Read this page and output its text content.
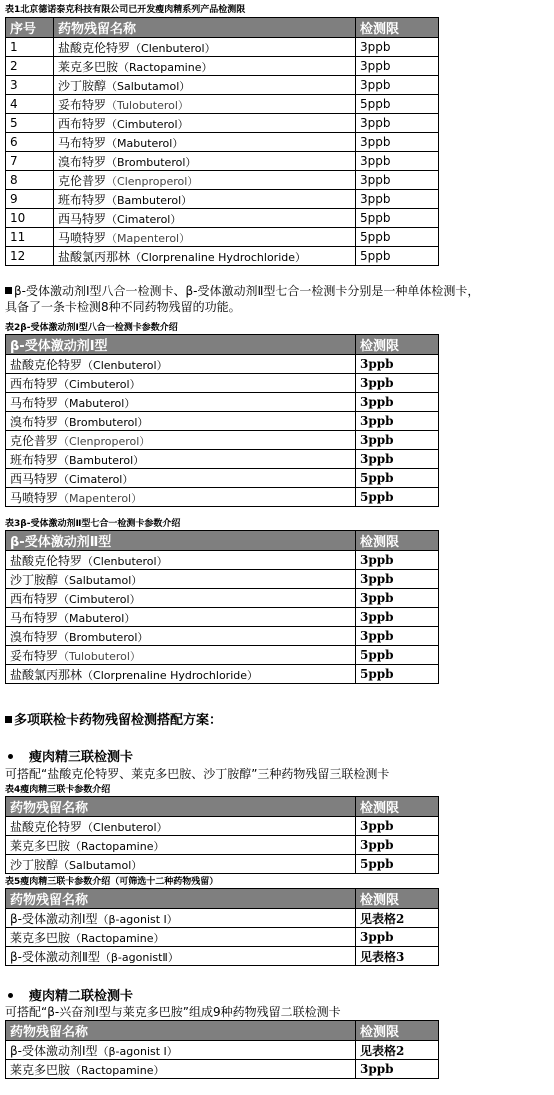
表1北京德诺泰克科技有限公司已开发瘦肉精系列产品检测限
序号	药物残留名称	检测限
1	盐酸克伦特罗（Clenbuterol）	3ppb
2	莱克多巴胺（Ractopamine）	3ppb
3	沙丁胺醇（Salbutamol）	3ppb
4	妥布特罗（Tulobuterol）	5ppb
5	西布特罗（Cimbuterol）	3ppb
6	马布特罗（Mabuterol）	3ppb
7	溴布特罗（Brombuterol）	3ppb
8	克伦普罗（Clenproperol）	3ppb
9	班布特罗（Bambuterol）	3ppb
10	西马特罗（Cimaterol）	5ppb
11	马喷特罗（Mapenterol）	5ppb
12	盐酸氯丙那林（Clorprenaline Hydrochloride）	5ppb
β-受体激动剂Ⅰ型八合一检测卡、β-受体激动剂Ⅱ型七合一检测卡分别是一种单体检测卡，
具备了一条卡检测8种不同药物残留的功能。
表2β-受体激动剂Ⅰ型八合一检测卡参数介绍
β-受体激动剂Ⅰ型	检测限
盐酸克伦特罗（Clenbuterol）	3ppb
西布特罗（Cimbuterol）	3ppb
马布特罗（Mabuterol）	3ppb
溴布特罗（Brombuterol）	3ppb
克伦普罗（Clenproperol）	3ppb
班布特罗（Bambuterol）	3ppb
西马特罗（Cimaterol）	5ppb
马喷特罗（Mapenterol）	5ppb
表3β-受体激动剂Ⅱ型七合一检测卡参数介绍
β-受体激动剂Ⅱ型	检测限
盐酸克伦特罗（Clenbuterol）	3ppb
沙丁胺醇（Salbutamol）	3ppb
西布特罗（Cimbuterol）	3ppb
马布特罗（Mabuterol）	3ppb
溴布特罗（Brombuterol）	3ppb
妥布特罗（Tulobuterol）	5ppb
盐酸氯丙那林（Clorprenaline Hydrochloride）	5ppb
多项联检卡药物残留检测搭配方案：
瘦肉精三联检测卡
可搭配“盐酸克伦特罗、莱克多巴胺、沙丁胺醇”三种药物残留三联检测卡
表4瘦肉精三联卡参数介绍
药物残留名称	检测限
盐酸克伦特罗（Clenbuterol）	3ppb
莱克多巴胺（Ractopamine）	3ppb
沙丁胺醇（Salbutamol）	5ppb
表5瘦肉精三联卡参数介绍（可筛选十二种药物残留）
药物残留名称	检测限
β-受体激动剂Ⅰ型（β-agonist Ⅰ）	见表格2
莱克多巴胺（Ractopamine）	3ppb
β-受体激动剂Ⅱ型（β-agonistⅡ）	见表格3
瘦肉精二联检测卡
可搭配“β-兴奋剂Ⅰ型与莱克多巴胺”组成9种药物残留二联检测卡
药物残留名称	检测限
β-受体激动剂Ⅰ型（β-agonist Ⅰ）	见表格2
莱克多巴胺（Ractopamine）	3ppb
